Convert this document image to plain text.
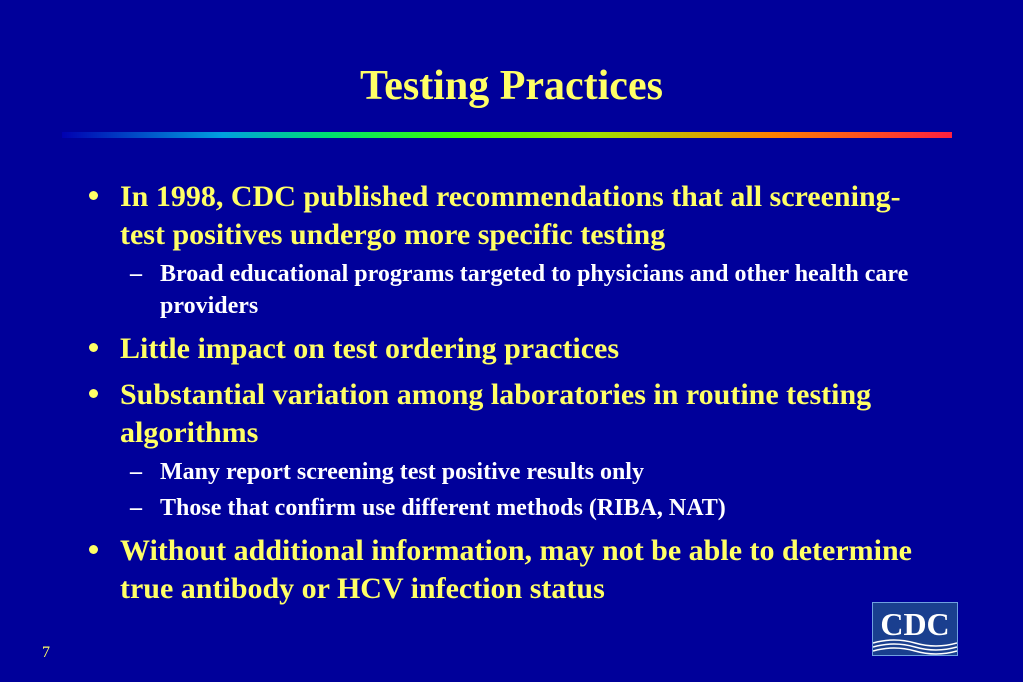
Testing Practices
In 1998, CDC published recommendations that all screening-test positives undergo more specific testing
– Broad educational programs targeted to physicians and other health care providers
Little impact on test ordering practices
Substantial variation among laboratories in routine testing algorithms
– Many report screening test positive results only
– Those that confirm use different methods (RIBA, NAT)
Without additional information, may not be able to determine true antibody or HCV infection status
7
CDC
